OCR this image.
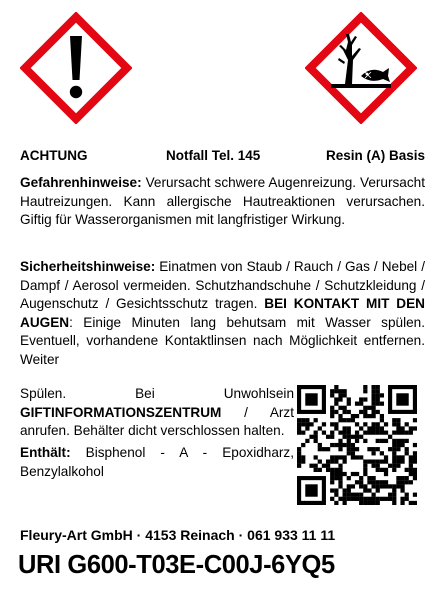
ACHTUNG	Notfall Tel. 145	Resin (A) Basis

Gefahrenhinweise: Verursacht schwere Augenreizung. Verursacht Hautreizungen. Kann allergische Hautreaktionen verursachen. Giftig für Wasserorganismen mit langfristiger Wirkung.

Sicherheitshinweise: Einatmen von Staub / Rauch / Gas / Nebel / Dampf / Aerosol vermeiden. Schutzhandschuhe / Schutzkleidung / Augenschutz / Gesichtsschutz tragen. BEI KONTAKT MIT DEN AUGEN: Einige Minuten lang behutsam mit Wasser spülen. Eventuell, vorhandene Kontaktlinsen nach Möglichkeit entfernen. Weiter

Spülen. Bei Unwohlsein GIFTINFORMATIONSZENTRUM / Arzt anrufen. Behälter dicht verschlossen halten.

Enthält: Bisphenol - A - Epoxidharz, Benzylalkohol

Fleury-Art GmbH · 4153 Reinach · 061 933 11 11
URI G600-T03E-C00J-6YQ5
